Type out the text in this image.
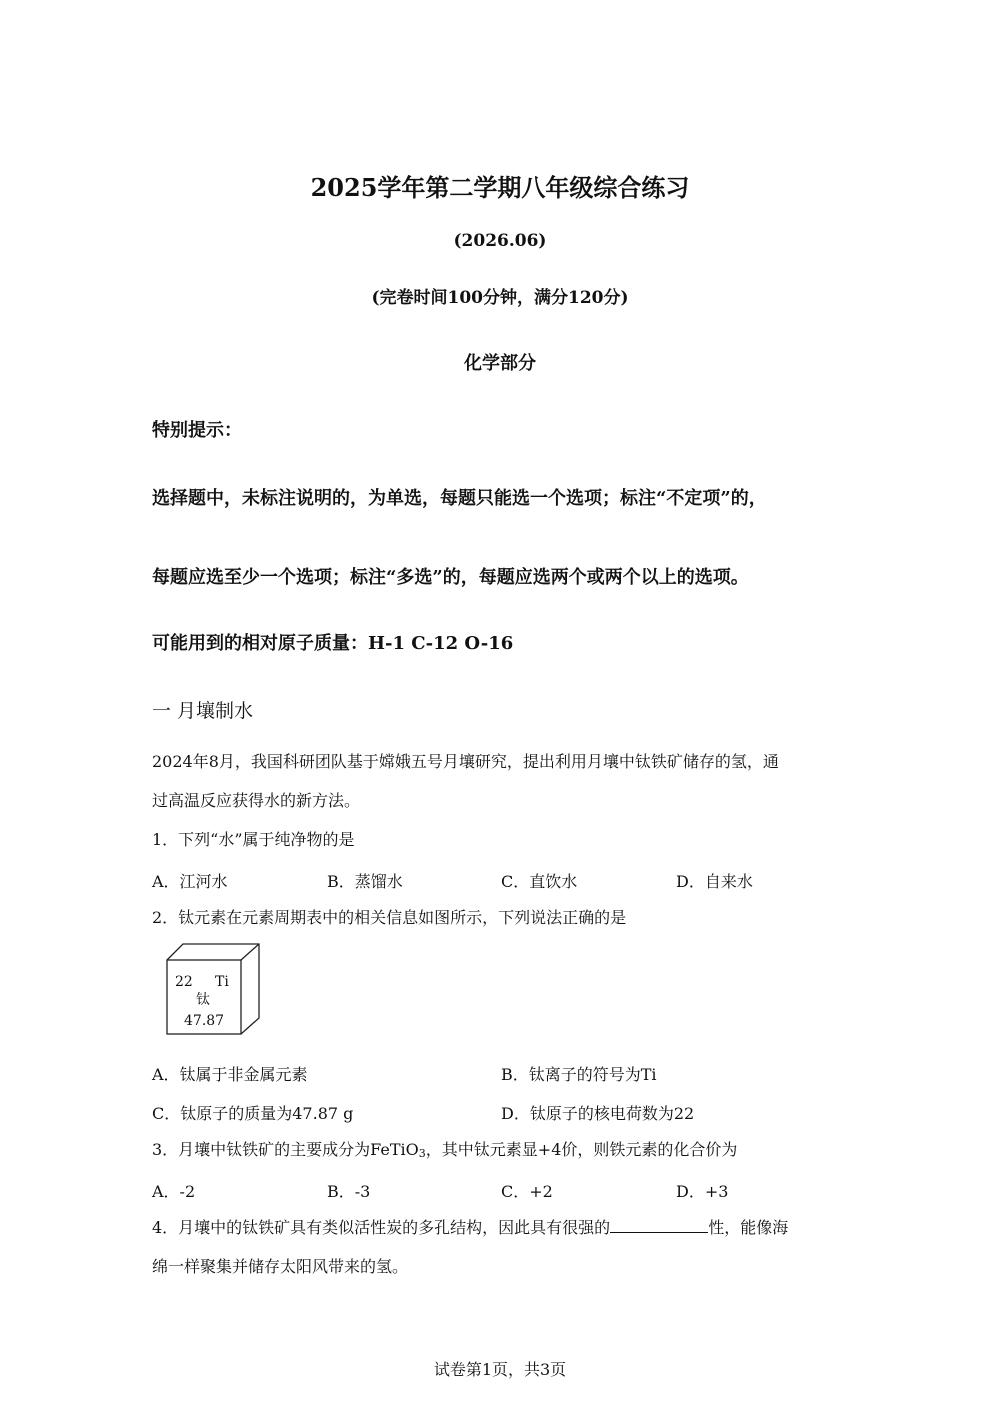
2025学年第二学期八年级综合练习
(2026.06)
(完卷时间100分钟，满分120分)
化学部分
特别提示：
选择题中，未标注说明的，为单选，每题只能选一个选项；标注“不定项”的，
每题应选至少一个选项；标注“多选”的，每题应选两个或两个以上的选项。
可能用到的相对原子质量：H-1 C-12 O-16
一 月壤制水
2024年8月，我国科研团队基于嫦娥五号月壤研究，提出利用月壤中钛铁矿储存的氢，通
过高温反应获得水的新方法。
1．下列“水”属于纯净物的是
A．江河水	B．蒸馏水	C．直饮水	D．自来水
2．钛元素在元素周期表中的相关信息如图所示，下列说法正确的是
22 Ti
钛
47.87
A．钛属于非金属元素	B．钛离子的符号为Ti
C．钛原子的质量为47.87 g	D．钛原子的核电荷数为22
3．月壤中钛铁矿的主要成分为FeTiO$_3$，其中钛元素显+4价，则铁元素的化合价为
A．-2	B．-3	C．+2	D．+3
4．月壤中的钛铁矿具有类似活性炭的多孔结构，因此具有很强的	性，能像海
绵一样聚集并储存太阳风带来的氢。
试卷第1页，共3页
